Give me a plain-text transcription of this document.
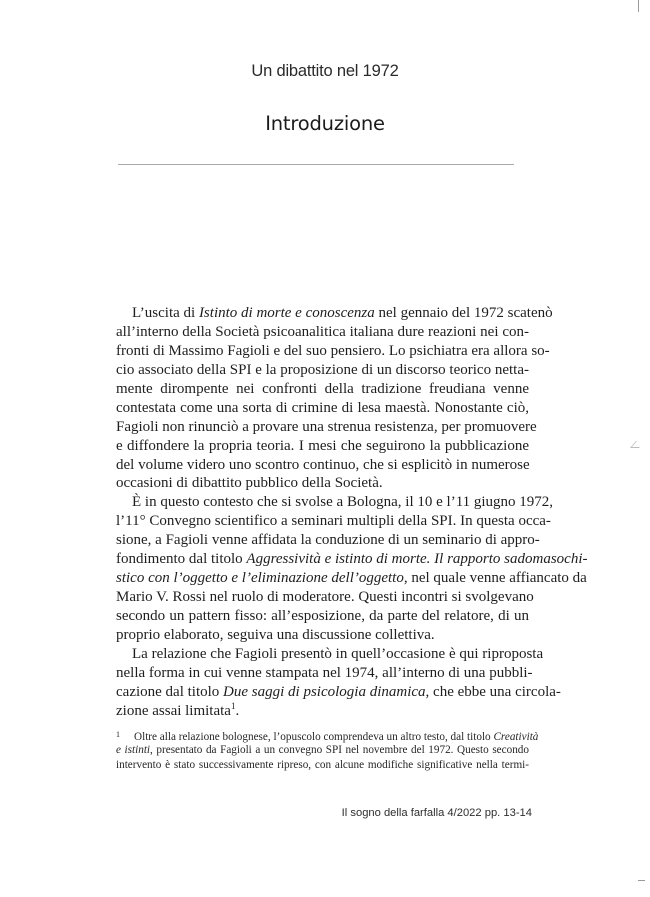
Un dibattito nel 1972
Introduzione
L’uscita di Istinto di morte e conoscenza nel gennaio del 1972 scatenò
all’interno della Società psicoanalitica italiana dure reazioni nei con-
fronti di Massimo Fagioli e del suo pensiero. Lo psichiatra era allora so-
cio associato della SPI e la proposizione di un discorso teorico netta-
mente dirompente nei confronti della tradizione freudiana venne
contestata come una sorta di crimine di lesa maestà. Nonostante ciò,
Fagioli non rinunciò a provare una strenua resistenza, per promuovere
e diffondere la propria teoria. I mesi che seguirono la pubblicazione
del volume videro uno scontro continuo, che si esplicitò in numerose
occasioni di dibattito pubblico della Società.
È in questo contesto che si svolse a Bologna, il 10 e l’11 giugno 1972,
l’11° Convegno scientifico a seminari multipli della SPI. In questa occa-
sione, a Fagioli venne affidata la conduzione di un seminario di appro-
fondimento dal titolo Aggressività e istinto di morte. Il rapporto sadomasochi-
stico con l’oggetto e l’eliminazione dell’oggetto, nel quale venne affiancato da
Mario V. Rossi nel ruolo di moderatore. Questi incontri si svolgevano
secondo un pattern fisso: all’esposizione, da parte del relatore, di un
proprio elaborato, seguiva una discussione collettiva.
La relazione che Fagioli presentò in quell’occasione è qui riproposta
nella forma in cui venne stampata nel 1974, all’interno di una pubbli-
cazione dal titolo Due saggi di psicologia dinamica, che ebbe una circola-
zione assai limitata$^1$.
1 Oltre alla relazione bolognese, l’opuscolo comprendeva un altro testo, dal titolo Creatività
e istinti, presentato da Fagioli a un convegno SPI nel novembre del 1972. Questo secondo
intervento è stato successivamente ripreso, con alcune modifiche significative nella termi-
Il sogno della farfalla 4/2022 pp. 13-14
